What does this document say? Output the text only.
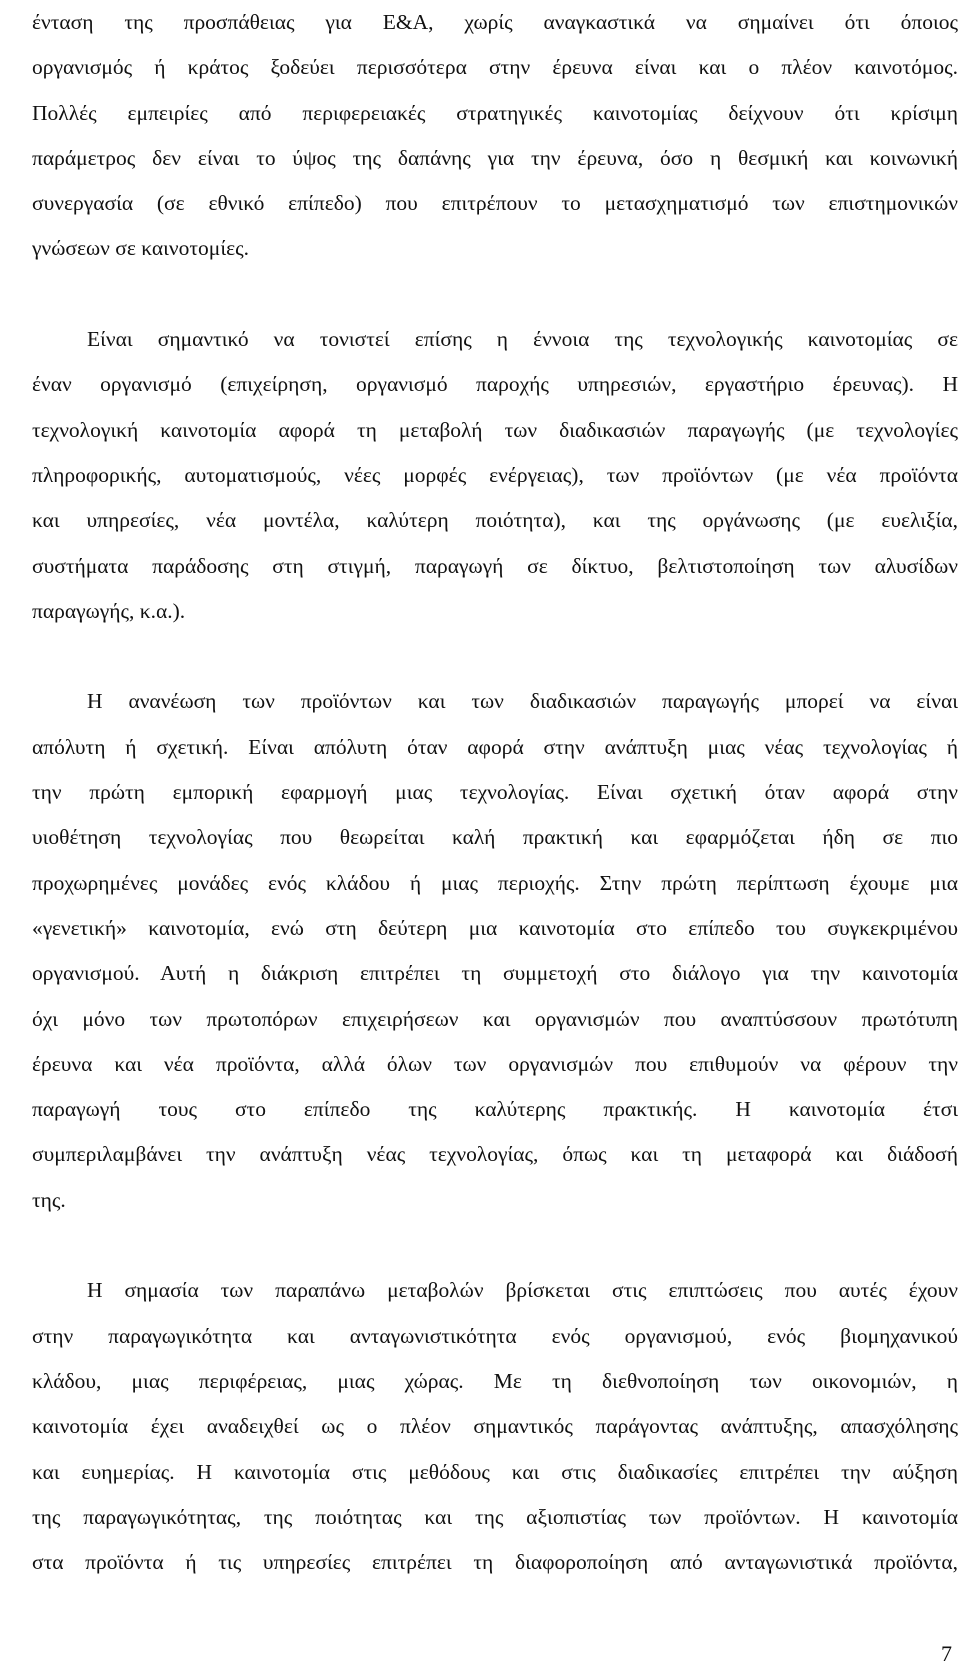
ένταση της προσπάθειας για Ε&Α, χωρίς αναγκαστικά να σημαίνει ότι όποιος
οργανισμός ή κράτος ξοδεύει περισσότερα στην έρευνα είναι και ο πλέον καινοτόμος.
Πολλές εμπειρίες από περιφερειακές στρατηγικές καινοτομίας δείχνουν ότι κρίσιμη
παράμετρος δεν είναι το ύψος της δαπάνης για την έρευνα, όσο η θεσμική και κοινωνική
συνεργασία (σε εθνικό επίπεδο) που επιτρέπουν το μετασχηματισμό των επιστημονικών
γνώσεων σε καινοτομίες.
Είναι σημαντικό να τονιστεί επίσης η έννοια της τεχνολογικής καινοτομίας σε
έναν οργανισμό (επιχείρηση, οργανισμό παροχής υπηρεσιών, εργαστήριο έρευνας). Η
τεχνολογική καινοτομία αφορά τη μεταβολή των διαδικασιών παραγωγής (με τεχνολογίες
πληροφορικής, αυτοματισμούς, νέες μορφές ενέργειας), των προϊόντων (με νέα προϊόντα
και υπηρεσίες, νέα μοντέλα, καλύτερη ποιότητα), και της οργάνωσης (με ευελιξία,
συστήματα παράδοσης στη στιγμή, παραγωγή σε δίκτυο, βελτιστοποίηση των αλυσίδων
παραγωγής, κ.α.).
Η ανανέωση των προϊόντων και των διαδικασιών παραγωγής μπορεί να είναι
απόλυτη ή σχετική. Είναι απόλυτη όταν αφορά στην ανάπτυξη μιας νέας τεχνολογίας ή
την πρώτη εμπορική εφαρμογή μιας τεχνολογίας. Είναι σχετική όταν αφορά στην
υιοθέτηση τεχνολογίας που θεωρείται καλή πρακτική και εφαρμόζεται ήδη σε πιο
προχωρημένες μονάδες ενός κλάδου ή μιας περιοχής. Στην πρώτη περίπτωση έχουμε μια
«γενετική» καινοτομία, ενώ στη δεύτερη μια καινοτομία στο επίπεδο του συγκεκριμένου
οργανισμού. Αυτή η διάκριση επιτρέπει τη συμμετοχή στο διάλογο για την καινοτομία
όχι μόνο των πρωτοπόρων επιχειρήσεων και οργανισμών που αναπτύσσουν πρωτότυπη
έρευνα και νέα προϊόντα, αλλά όλων των οργανισμών που επιθυμούν να φέρουν την
παραγωγή τους στο επίπεδο της καλύτερης πρακτικής. Η καινοτομία έτσι
συμπεριλαμβάνει την ανάπτυξη νέας τεχνολογίας, όπως και τη μεταφορά και διάδοσή
της.
Η σημασία των παραπάνω μεταβολών βρίσκεται στις επιπτώσεις που αυτές έχουν
στην παραγωγικότητα και ανταγωνιστικότητα ενός οργανισμού, ενός βιομηχανικού
κλάδου, μιας περιφέρειας, μιας χώρας. Με τη διεθνοποίηση των οικονομιών, η
καινοτομία έχει αναδειχθεί ως ο πλέον σημαντικός παράγοντας ανάπτυξης, απασχόλησης
και ευημερίας. Η καινοτομία στις μεθόδους και στις διαδικασίες επιτρέπει την αύξηση
της παραγωγικότητας, της ποιότητας και της αξιοπιστίας των προϊόντων. Η καινοτομία
στα προϊόντα ή τις υπηρεσίες επιτρέπει τη διαφοροποίηση από ανταγωνιστικά προϊόντα,
7
